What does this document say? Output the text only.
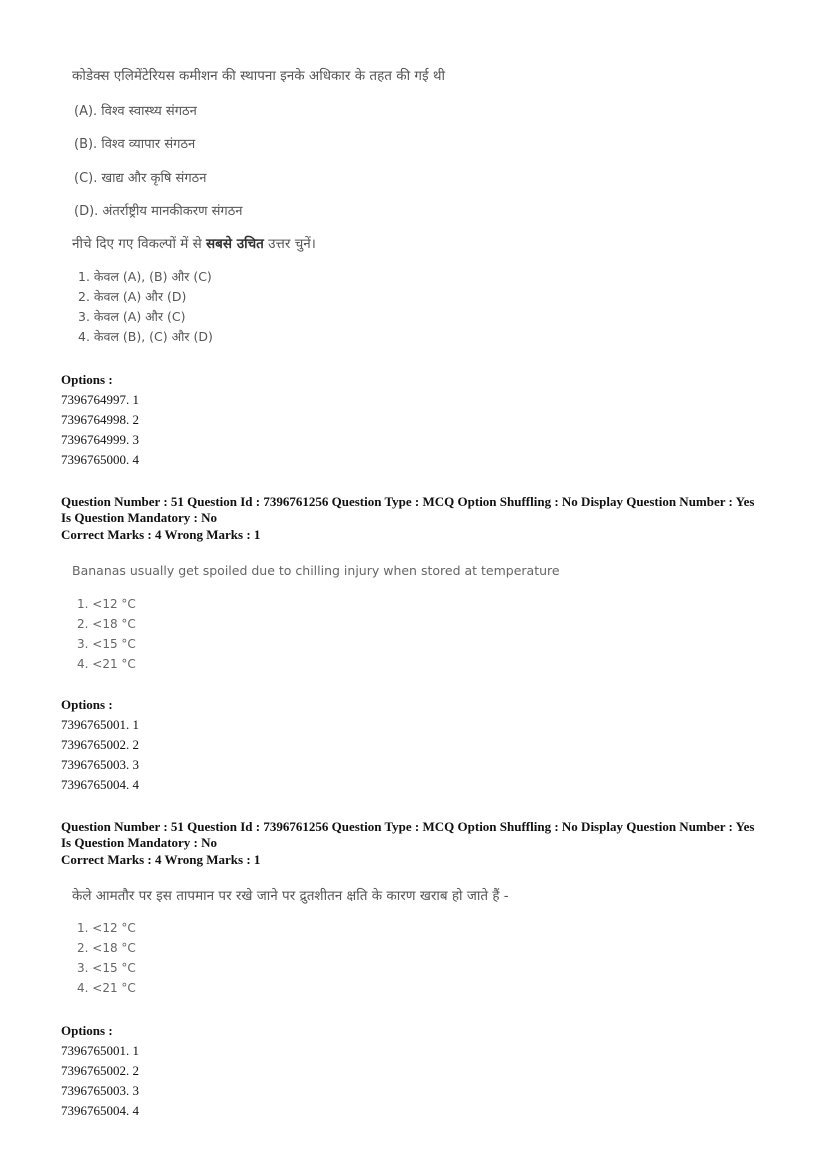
कोडेक्स एलिमेंटेरियस कमीशन की स्थापना इनके अधिकार के तहत की गई थी
(A). विश्व स्वास्थ्य संगठन
(B). विश्व व्यापार संगठन
(C). खाद्य और कृषि संगठन
(D). अंतर्राष्ट्रीय मानकीकरण संगठन
नीचे दिए गए विकल्पों में से सबसे उचित उत्तर चुनें।
1. केवल (A), (B) और (C)
2. केवल (A) और (D)
3. केवल (A) और (C)
4. केवल (B), (C) और (D)
Options :
7396764997. 1
7396764998. 2
7396764999. 3
7396765000. 4
Question Number : 51 Question Id : 7396761256 Question Type : MCQ Option Shuffling : No Display Question Number : Yes
Is Question Mandatory : No
Correct Marks : 4 Wrong Marks : 1
Bananas usually get spoiled due to chilling injury when stored at temperature
1. <12 °C
2. <18 °C
3. <15 °C
4. <21 °C
Options :
7396765001. 1
7396765002. 2
7396765003. 3
7396765004. 4
Question Number : 51 Question Id : 7396761256 Question Type : MCQ Option Shuffling : No Display Question Number : Yes
Is Question Mandatory : No
Correct Marks : 4 Wrong Marks : 1
केले आमतौर पर इस तापमान पर रखे जाने पर द्रुतशीतन क्षति के कारण खराब हो जाते हैं -
1. <12 °C
2. <18 °C
3. <15 °C
4. <21 °C
Options :
7396765001. 1
7396765002. 2
7396765003. 3
7396765004. 4
